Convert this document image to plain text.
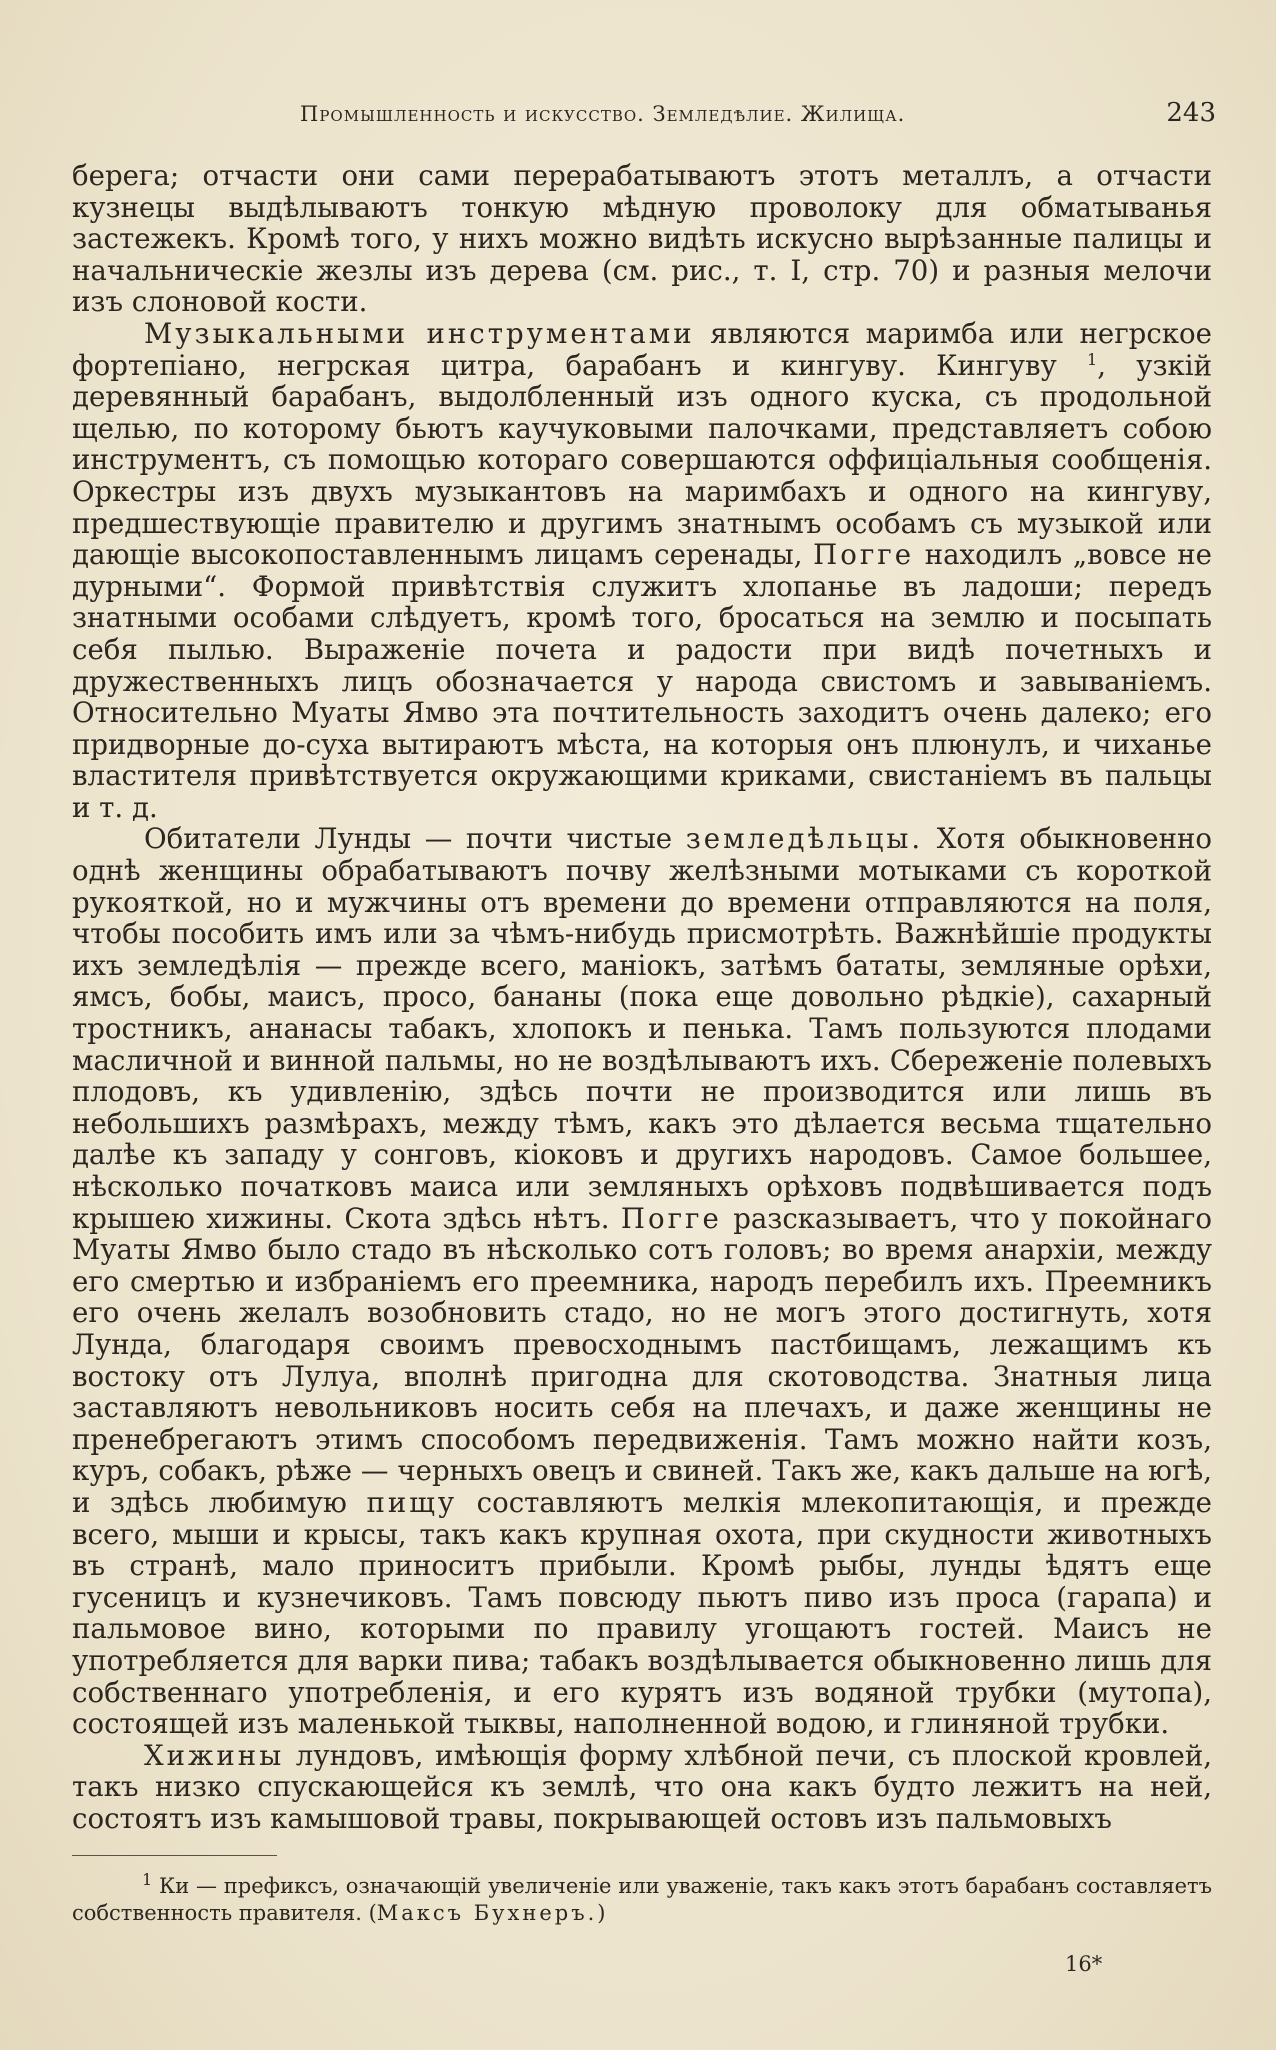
Промышленность и искусство. Земледѣлие. Жилища.	243

берега; отчасти они сами перерабатываютъ этотъ металлъ, а отчасти кузнецы выдѣлываютъ тонкую мѣдную проволоку для обматыванья застежекъ. Кромѣ того, у нихъ можно видѣть искусно вырѣзанные палицы и начальническіе жезлы изъ дерева (см. рис., т. I, стр. 70) и разныя мелочи изъ слоновой кости.

Музыкальными инструментами являются маримба или негрское фортепіано, негрская цитра, барабанъ и кингуву. Кингуву $^1$, узкій деревянный барабанъ, выдолбленный изъ одного куска, съ продольной щелью, по которому бьютъ каучуковыми палочками, представляетъ собою инструментъ, съ помощью котораго совершаются оффиціальныя сообщенія. Оркестры изъ двухъ музыкантовъ на маримбахъ и одного на кингуву, предшествующіе правителю и другимъ знатнымъ особамъ съ музыкой или дающіе высокопоставленнымъ лицамъ серенады, Погге находилъ „вовсе не дурными“. Формой привѣтствія служитъ хлопанье въ ладоши; передъ знатными особами слѣдуетъ, кромѣ того, бросаться на землю и посыпать себя пылью. Выраженіе почета и радости при видѣ почетныхъ и дружественныхъ лицъ обозначается у народа свистомъ и завываніемъ. Относительно Муаты Ямво эта почтительность заходитъ очень далеко; его придворные до-суха вытираютъ мѣста, на которыя онъ плюнулъ, и чиханье властителя привѣтствуется окружающими криками, свистаніемъ въ пальцы и т. д.

Обитатели Лунды — почти чистые земледѣльцы. Хотя обыкновенно однѣ женщины обрабатываютъ почву желѣзными мотыками съ короткой рукояткой, но и мужчины отъ времени до времени отправляются на поля, чтобы пособить имъ или за чѣмъ-нибудь присмотрѣть. Важнѣйшіе продукты ихъ земледѣлія — прежде всего, маніокъ, затѣмъ бататы, земляные орѣхи, ямсъ, бобы, маисъ, просо, бананы (пока еще довольно рѣдкіе), сахарный тростникъ, ананасы табакъ, хлопокъ и пенька. Тамъ пользуются плодами масличной и винной пальмы, но не воздѣлываютъ ихъ. Сбереженіе полевыхъ плодовъ, къ удивленію, здѣсь почти не производится или лишь въ небольшихъ размѣрахъ, между тѣмъ, какъ это дѣлается весьма тщательно далѣе къ западу у сонговъ, кіоковъ и другихъ народовъ. Самое большее, нѣсколько початковъ маиса или земляныхъ орѣховъ подвѣшивается подъ крышею хижины. Скота здѣсь нѣтъ. Погге разсказываетъ, что у покойнаго Муаты Ямво было стадо въ нѣсколько сотъ головъ; во время анархіи, между его смертью и избраніемъ его преемника, народъ перебилъ ихъ. Преемникъ его очень желалъ возобновить стадо, но не могъ этого достигнуть, хотя Лунда, благодаря своимъ превосходнымъ пастбищамъ, лежащимъ къ востоку отъ Лулуа, вполнѣ пригодна для скотоводства. Знатныя лица заставляютъ невольниковъ носить себя на плечахъ, и даже женщины не пренебрегаютъ этимъ способомъ передвиженія. Тамъ можно найти козъ, куръ, собакъ, рѣже — черныхъ овецъ и свиней. Такъ же, какъ дальше на югѣ, и здѣсь любимую пищу составляютъ мелкія млекопитающія, и прежде всего, мыши и крысы, такъ какъ крупная охота, при скудности животныхъ въ странѣ, мало приноситъ прибыли. Кромѣ рыбы, лунды ѣдятъ еще гусеницъ и кузнечиковъ. Тамъ повсюду пьютъ пиво изъ проса (гарапа) и пальмовое вино, которыми по правилу угощаютъ гостей. Маисъ не употребляется для варки пива; табакъ воздѣлывается обыкновенно лишь для собственнаго употребленія, и его курятъ изъ водяной трубки (мутопа), состоящей изъ маленькой тыквы, наполненной водою, и глиняной трубки.

Хижины лундовъ, имѣющія форму хлѣбной печи, съ плоской кровлей, такъ низко спускающейся къ землѣ, что она какъ будто лежитъ на ней, состоятъ изъ камышовой травы, покрывающей остовъ изъ пальмовыхъ

$^1$ Ки — префиксъ, означающій увеличеніе или уваженіе, такъ какъ этотъ барабанъ составляетъ собственность правителя. (Максъ Бухнеръ.)

16*
